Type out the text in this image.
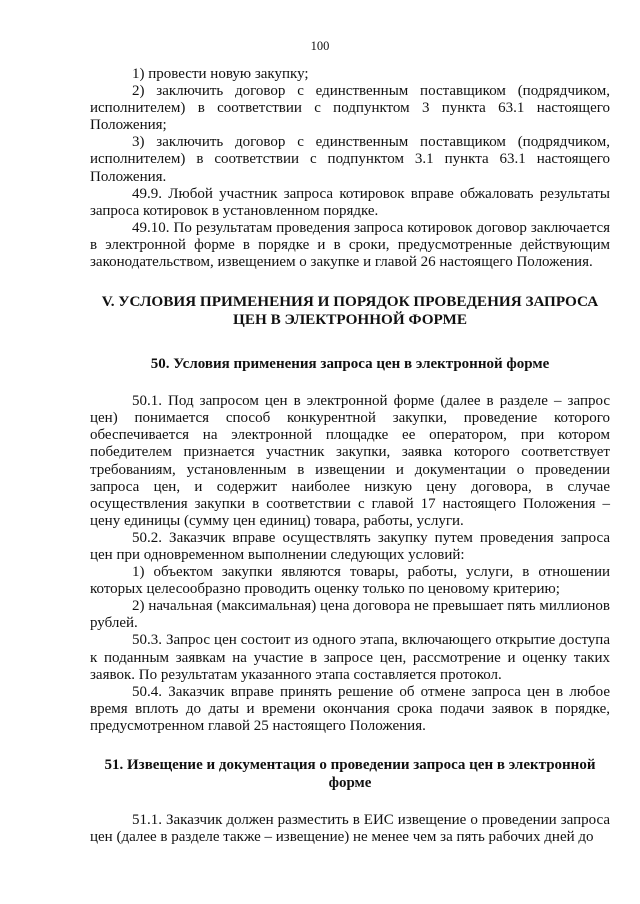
100

1) провести новую закупку;

2) заключить договор с единственным поставщиком (подрядчиком, исполнителем) в соответствии с подпунктом 3 пункта 63.1 настоящего Положения;

3) заключить договор с единственным поставщиком (подрядчиком, исполнителем) в соответствии с подпунктом 3.1 пункта 63.1 настоящего Положения.

49.9. Любой участник запроса котировок вправе обжаловать результаты запроса котировок в установленном порядке.

49.10. По результатам проведения запроса котировок договор заключается в электронной форме в порядке и в сроки, предусмотренные действующим законодательством, извещением о закупке и главой 26 настоящего Положения.

V. УСЛОВИЯ ПРИМЕНЕНИЯ И ПОРЯДОК ПРОВЕДЕНИЯ ЗАПРОСА ЦЕН В ЭЛЕКТРОННОЙ ФОРМЕ
50. Условия применения запроса цен в электронной форме

50.1. Под запросом цен в электронной форме (далее в разделе – запрос цен) понимается способ конкурентной закупки, проведение которого обеспечивается на электронной площадке ее оператором, при котором победителем признается участник закупки, заявка которого соответствует требованиям, установленным в извещении и документации о проведении запроса цен, и содержит наиболее низкую цену договора, в случае осуществления закупки в соответствии с главой 17 настоящего Положения – цену единицы (сумму цен единиц) товара, работы, услуги.

50.2. Заказчик вправе осуществлять закупку путем проведения запроса цен при одновременном выполнении следующих условий:

1) объектом закупки являются товары, работы, услуги, в отношении которых целесообразно проводить оценку только по ценовому критерию;

2) начальная (максимальная) цена договора не превышает пять миллионов рублей.

50.3. Запрос цен состоит из одного этапа, включающего открытие доступа к поданным заявкам на участие в запросе цен, рассмотрение и оценку таких заявок. По результатам указанного этапа составляется протокол.

50.4. Заказчик вправе принять решение об отмене запроса цен в любое время вплоть до даты и времени окончания срока подачи заявок в порядке, предусмотренном главой 25 настоящего Положения.

51. Извещение и документация о проведении запроса цен в электронной форме

51.1. Заказчик должен разместить в ЕИС извещение о проведении запроса цен (далее в разделе также – извещение) не менее чем за пять рабочих дней до
